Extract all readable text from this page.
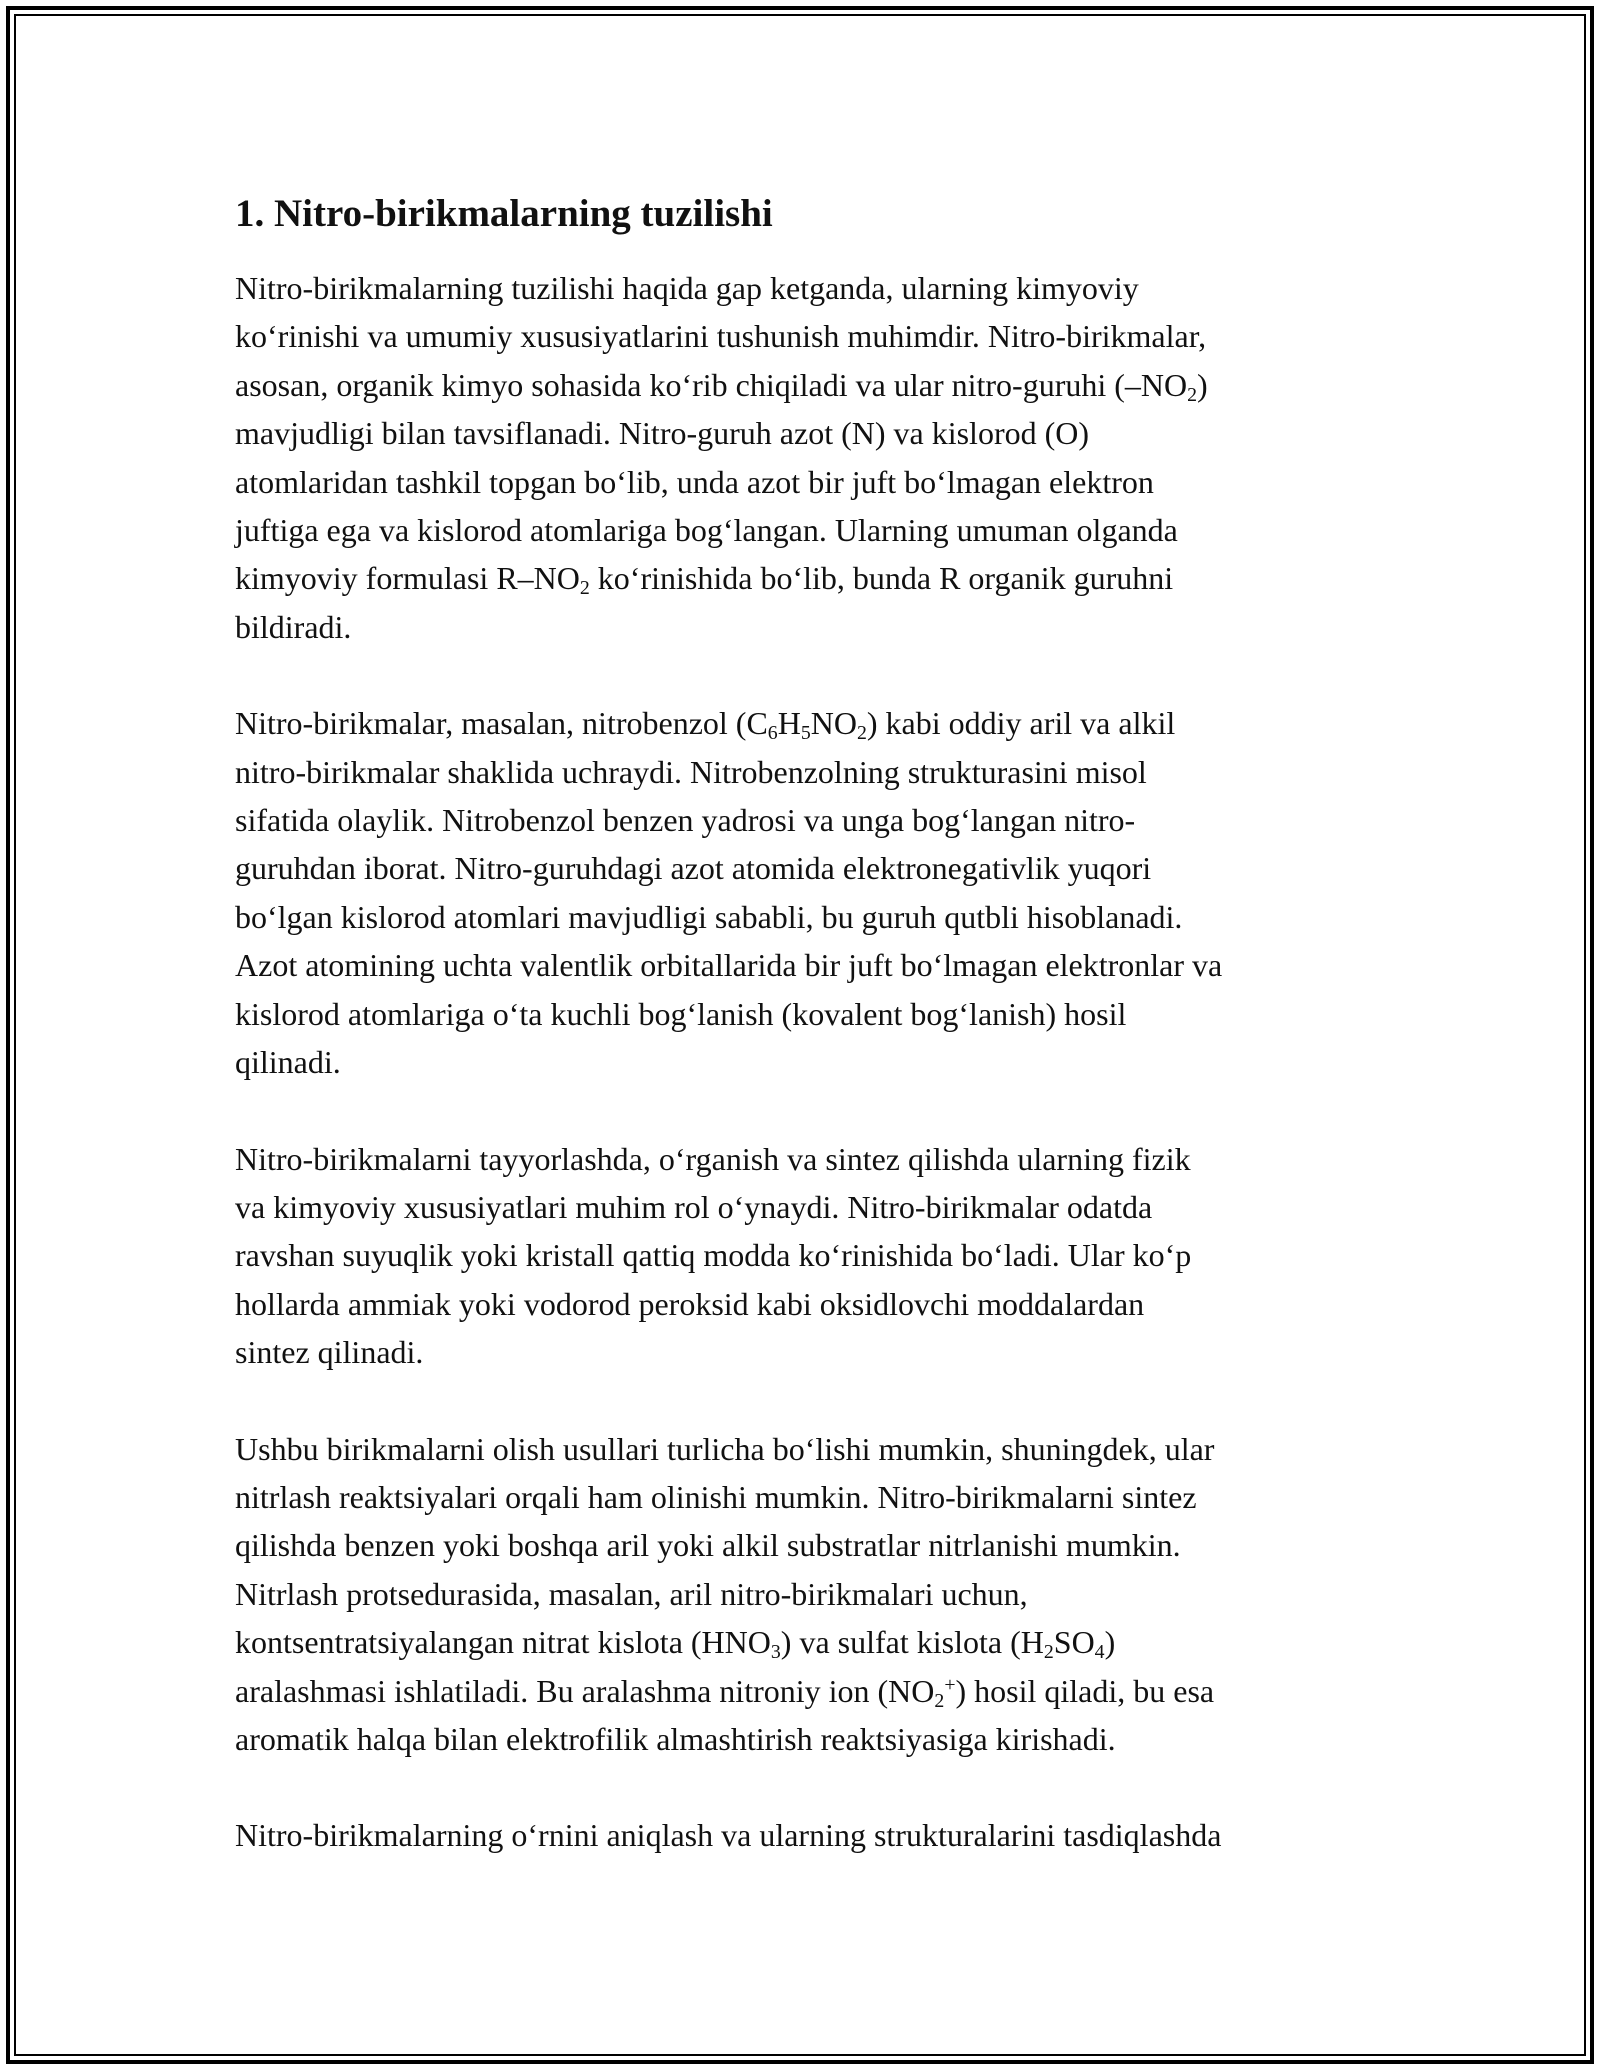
1. Nitro-birikmalarning tuzilishi

Nitro-birikmalarning tuzilishi haqida gap ketganda, ularning kimyoviy
ko‘rinishi va umumiy xususiyatlarini tushunish muhimdir. Nitro-birikmalar,
asosan, organik kimyo sohasida ko‘rib chiqiladi va ular nitro-guruhi $(-NO_2)$
mavjudligi bilan tavsiflanadi. Nitro-guruh azot (N) va kislorod (O)
atomlaridan tashkil topgan bo‘lib, unda azot bir juft bo‘lmagan elektron
juftiga ega va kislorod atomlariga bog‘langan. Ularning umuman olganda
kimyoviy formulasi $R-NO_2$ ko‘rinishida bo‘lib, bunda R organik guruhni
bildiradi.

Nitro-birikmalar, masalan, nitrobenzol $(C_6H_5NO_2)$ kabi oddiy aril va alkil
nitro-birikmalar shaklida uchraydi. Nitrobenzolning strukturasini misol
sifatida olaylik. Nitrobenzol benzen yadrosi va unga bog‘langan nitro-
guruhdan iborat. Nitro-guruhdagi azot atomida elektronegativlik yuqori
bo‘lgan kislorod atomlari mavjudligi sababli, bu guruh qutbli hisoblanadi.
Azot atomining uchta valentlik orbitallarida bir juft bo‘lmagan elektronlar va
kislorod atomlariga o‘ta kuchli bog‘lanish (kovalent bog‘lanish) hosil
qilinadi.

Nitro-birikmalarni tayyorlashda, o‘rganish va sintez qilishda ularning fizik
va kimyoviy xususiyatlari muhim rol o‘ynaydi. Nitro-birikmalar odatda
ravshan suyuqlik yoki kristall qattiq modda ko‘rinishida bo‘ladi. Ular ko‘p
hollarda ammiak yoki vodorod peroksid kabi oksidlovchi moddalardan
sintez qilinadi.

Ushbu birikmalarni olish usullari turlicha bo‘lishi mumkin, shuningdek, ular
nitrlash reaktsiyalari orqali ham olinishi mumkin. Nitro-birikmalarni sintez
qilishda benzen yoki boshqa aril yoki alkil substratlar nitrlanishi mumkin.
Nitrlash protsedurasida, masalan, aril nitro-birikmalari uchun,
kontsentratsiyalangan nitrat kislota $(HNO_3)$ va sulfat kislota $(H_2SO_4)$
aralashmasi ishlatiladi. Bu aralashma nitroniy ion $(NO_2^+)$ hosil qiladi, bu esa
aromatik halqa bilan elektrofilik almashtirish reaktsiyasiga kirishadi.

Nitro-birikmalarning o‘rnini aniqlash va ularning strukturalarini tasdiqlashda
